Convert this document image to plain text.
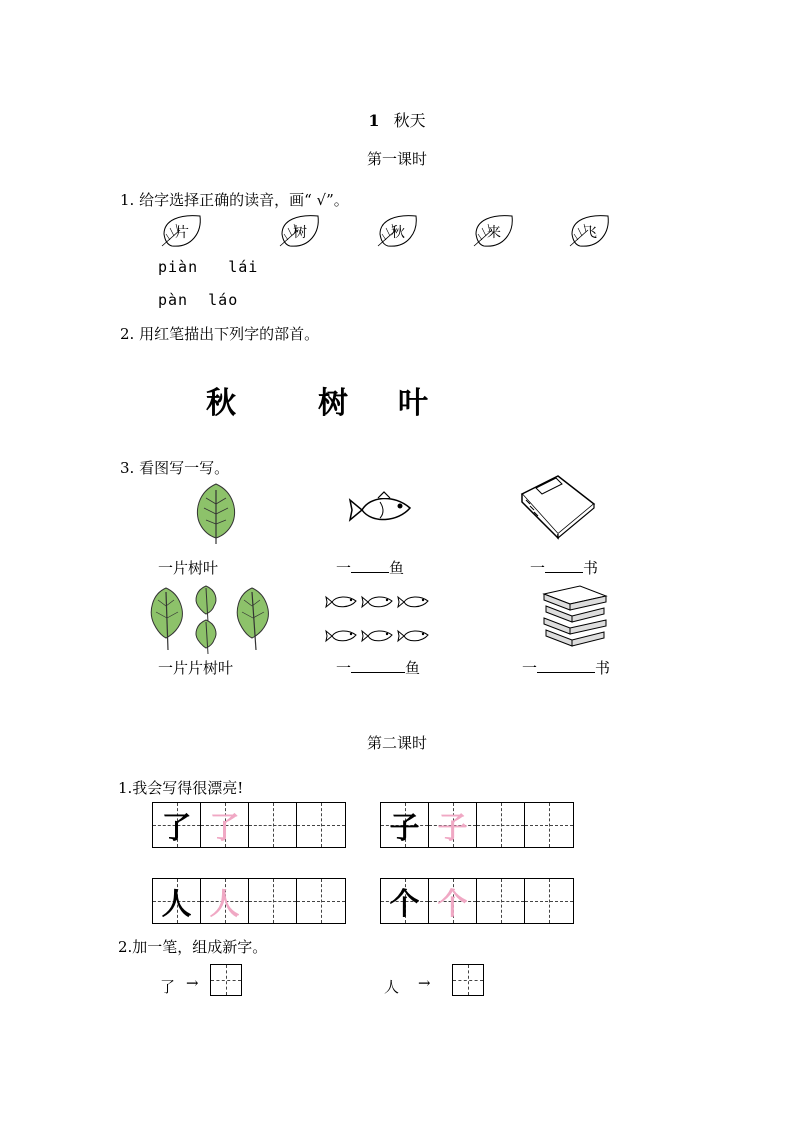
1 秋天
第一课时
1. 给字选择正确的读音，画“ √”。
片	树	秋	来	飞
piàn   lái
pàn  láo
2. 用红笔描出下列字的部首。
秋	树 叶
3. 看图写一写。
一片树叶	一	鱼	一	书
一片片树叶	一	鱼	一	书
第二课时
1.我会写得很漂亮!
了 了	子 子
人 人	个 个
2.加一笔，组成新字。
了 →	人 →
